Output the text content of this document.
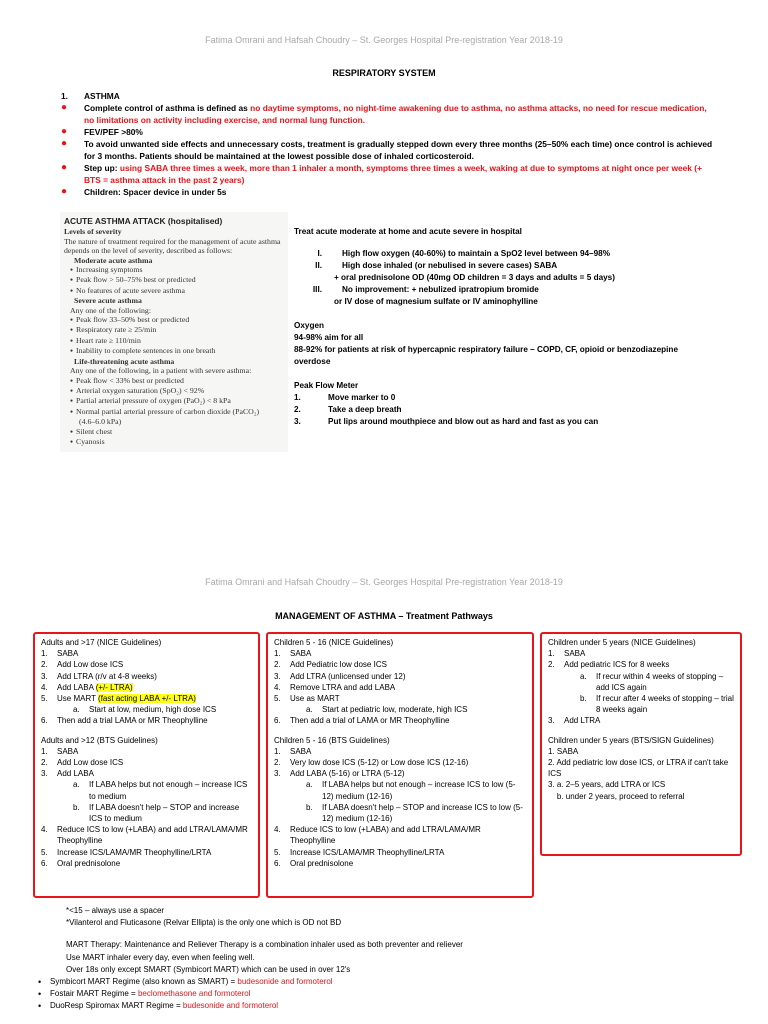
Fatima Omrani and Hafsah Choudry – St. Georges Hospital Pre-registration Year 2018-19
RESPIRATORY SYSTEM
1.	ASTHMA
●	Complete control of asthma is defined as no daytime symptoms, no night-time awakening due to asthma, no asthma attacks, no need for rescue medication, no limitations on activity including exercise, and normal lung function.
●	FEV/PEF >80%
●	To avoid unwanted side effects and unnecessary costs, treatment is gradually stepped down every three months (25–50% each time) once control is achieved for 3 months. Patients should be maintained at the lowest possible dose of inhaled corticosteroid.
●	Step up: using SABA three times a week, more than 1 inhaler a month, symptoms three times a week, waking at due to symptoms at night once per week (+ BTS = asthma attack in the past 2 years)
●	Children: Spacer device in under 5s
ACUTE ASTHMA ATTACK (hospitalised)
Levels of severity
The nature of treatment required for the management of acute asthma depends on the level of severity, described as follows:
Moderate acute asthma
● Increasing symptoms
● Peak flow > 50–75% best or predicted
● No features of acute severe asthma
Severe acute asthma
Any one of the following:
● Peak flow 33–50% best or predicted
● Respiratory rate ≥ 25/min
● Heart rate ≥ 110/min
● Inability to complete sentences in one breath
Life-threatening acute asthma
Any one of the following, in a patient with severe asthma:
● Peak flow < 33% best or predicted
● Arterial oxygen saturation (SpO₂) < 92%
● Partial arterial pressure of oxygen (PaO₂) < 8 kPa
● Normal partial arterial pressure of carbon dioxide (PaCO₂)
(4.6–6.0 kPa)
● Silent chest
● Cyanosis
Treat acute moderate at home and acute severe in hospital
I.	High flow oxygen (40-60%) to maintain a SpO2 level between 94–98%
II.	High dose inhaled (or nebulised in severe cases) SABA
+ oral prednisolone OD (40mg OD children = 3 days and adults = 5 days)
III.	No improvement: + nebulized ipratropium bromide
or IV dose of magnesium sulfate or IV aminophylline
Oxygen
94-98% aim for all
88-92% for patients at risk of hypercapnic respiratory failure – COPD, CF, opioid or benzodiazepine overdose
Peak Flow Meter
1.	Move marker to 0
2.	Take a deep breath
3.	Put lips around mouthpiece and blow out as hard and fast as you can
Fatima Omrani and Hafsah Choudry – St. Georges Hospital Pre-registration Year 2018-19
MANAGEMENT OF ASTHMA – Treatment Pathways
Adults and >17 (NICE Guidelines)
1.	SABA
2.	Add Low dose ICS
3.	Add LTRA (r/v at 4-8 weeks)
4.	Add LABA (+/- LTRA)
5.	Use MART (fast acting LABA +/- LTRA)
a.	Start at low, medium, high dose ICS
6.	Then add a trial LAMA or MR Theophylline
Adults and >12 (BTS Guidelines)
1.	SABA
2.	Add Low dose ICS
3.	Add LABA
a.	If LABA helps but not enough – increase ICS to medium
b.	If LABA doesn't help – STOP and increase ICS to medium
4.	Reduce ICS to low (+LABA) and add LTRA/LAMA/MR Theophylline
5.	Increase ICS/LAMA/MR Theophylline/LRTA
6.	Oral prednisolone
Children 5 - 16 (NICE Guidelines)
1.	SABA
2.	Add Pediatric low dose ICS
3.	Add LTRA (unlicensed under 12)
4.	Remove LTRA and add LABA
5.	Use as MART
a.	Start at pediatric low, moderate, high ICS
6.	Then add a trial of LAMA or MR Theophylline
Children 5 - 16 (BTS Guidelines)
1.	SABA
2.	Very low dose ICS (5-12) or Low dose ICS (12-16)
3.	Add LABA (5-16) or LTRA (5-12)
a.	If LABA helps but not enough – increase ICS to low (5-12) medium (12-16)
b.	If LABA doesn't help – STOP and increase ICS to low (5-12) medium (12-16)
4.	Reduce ICS to low (+LABA) and add LTRA/LAMA/MR Theophylline
5.	Increase ICS/LAMA/MR Theophylline/LRTA
6.	Oral prednisolone
Children under 5 years (NICE Guidelines)
1.	SABA
2.	Add pediatric ICS for 8 weeks
a.	If recur within 4 weeks of stopping – add ICS again
b.	If recur after 4 weeks of stopping – trial 8 weeks again
3.	Add LTRA
Children under 5 years (BTS/SIGN Guidelines)
1. SABA
2. Add pediatric low dose ICS, or LTRA if can't take ICS
3. a. 2–5 years, add LTRA or ICS
b. under 2 years, proceed to referral
*<15 – always use a spacer
*Vilanterol and Fluticasone (Relvar Ellipta) is the only one which is OD not BD
MART Therapy: Maintenance and Reliever Therapy is a combination inhaler used as both preventer and reliever
Use MART inhaler every day, even when feeling well.
Over 18s only except SMART (Symbicort MART) which can be used in over 12's
•	Symbicort MART Regime (also known as SMART) = budesonide and formoterol
•	Fostair MART Regime = beclomethasone and formoterol
•	DuoResp Spiromax MART Regime = budesonide and formoterol
